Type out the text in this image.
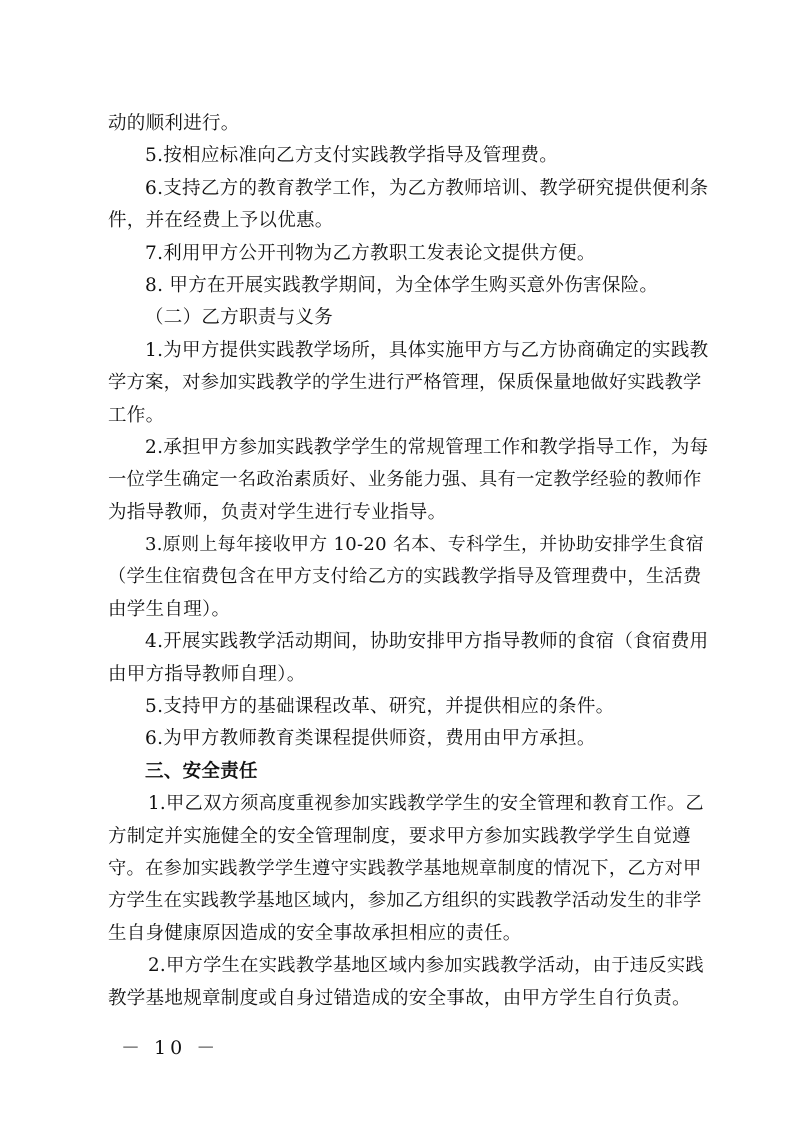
动的顺利进行。
5.按相应标准向乙方支付实践教学指导及管理费。
6.支持乙方的教育教学工作，为乙方教师培训、教学研究提供便利条
件，并在经费上予以优惠。
7.利用甲方公开刊物为乙方教职工发表论文提供方便。
8. 甲方在开展实践教学期间，为全体学生购买意外伤害保险。
（二）乙方职责与义务
1.为甲方提供实践教学场所，具体实施甲方与乙方协商确定的实践教
学方案，对参加实践教学的学生进行严格管理，保质保量地做好实践教学
工作。
2.承担甲方参加实践教学学生的常规管理工作和教学指导工作，为每
一位学生确定一名政治素质好、业务能力强、具有一定教学经验的教师作
为指导教师，负责对学生进行专业指导。
3.原则上每年接收甲方 10-20 名本、专科学生，并协助安排学生食宿
（学生住宿费包含在甲方支付给乙方的实践教学指导及管理费中，生活费
由学生自理）。
4.开展实践教学活动期间，协助安排甲方指导教师的食宿（食宿费用
由甲方指导教师自理）。
5.支持甲方的基础课程改革、研究，并提供相应的条件。
6.为甲方教师教育类课程提供师资，费用由甲方承担。
三、安全责任
1.甲乙双方须高度重视参加实践教学学生的安全管理和教育工作。乙
方制定并实施健全的安全管理制度，要求甲方参加实践教学学生自觉遵
守。在参加实践教学学生遵守实践教学基地规章制度的情况下，乙方对甲
方学生在实践教学基地区域内，参加乙方组织的实践教学活动发生的非学
生自身健康原因造成的安全事故承担相应的责任。
2.甲方学生在实践教学基地区域内参加实践教学活动，由于违反实践
教学基地规章制度或自身过错造成的安全事故，由甲方学生自行负责。
－ 10 －
